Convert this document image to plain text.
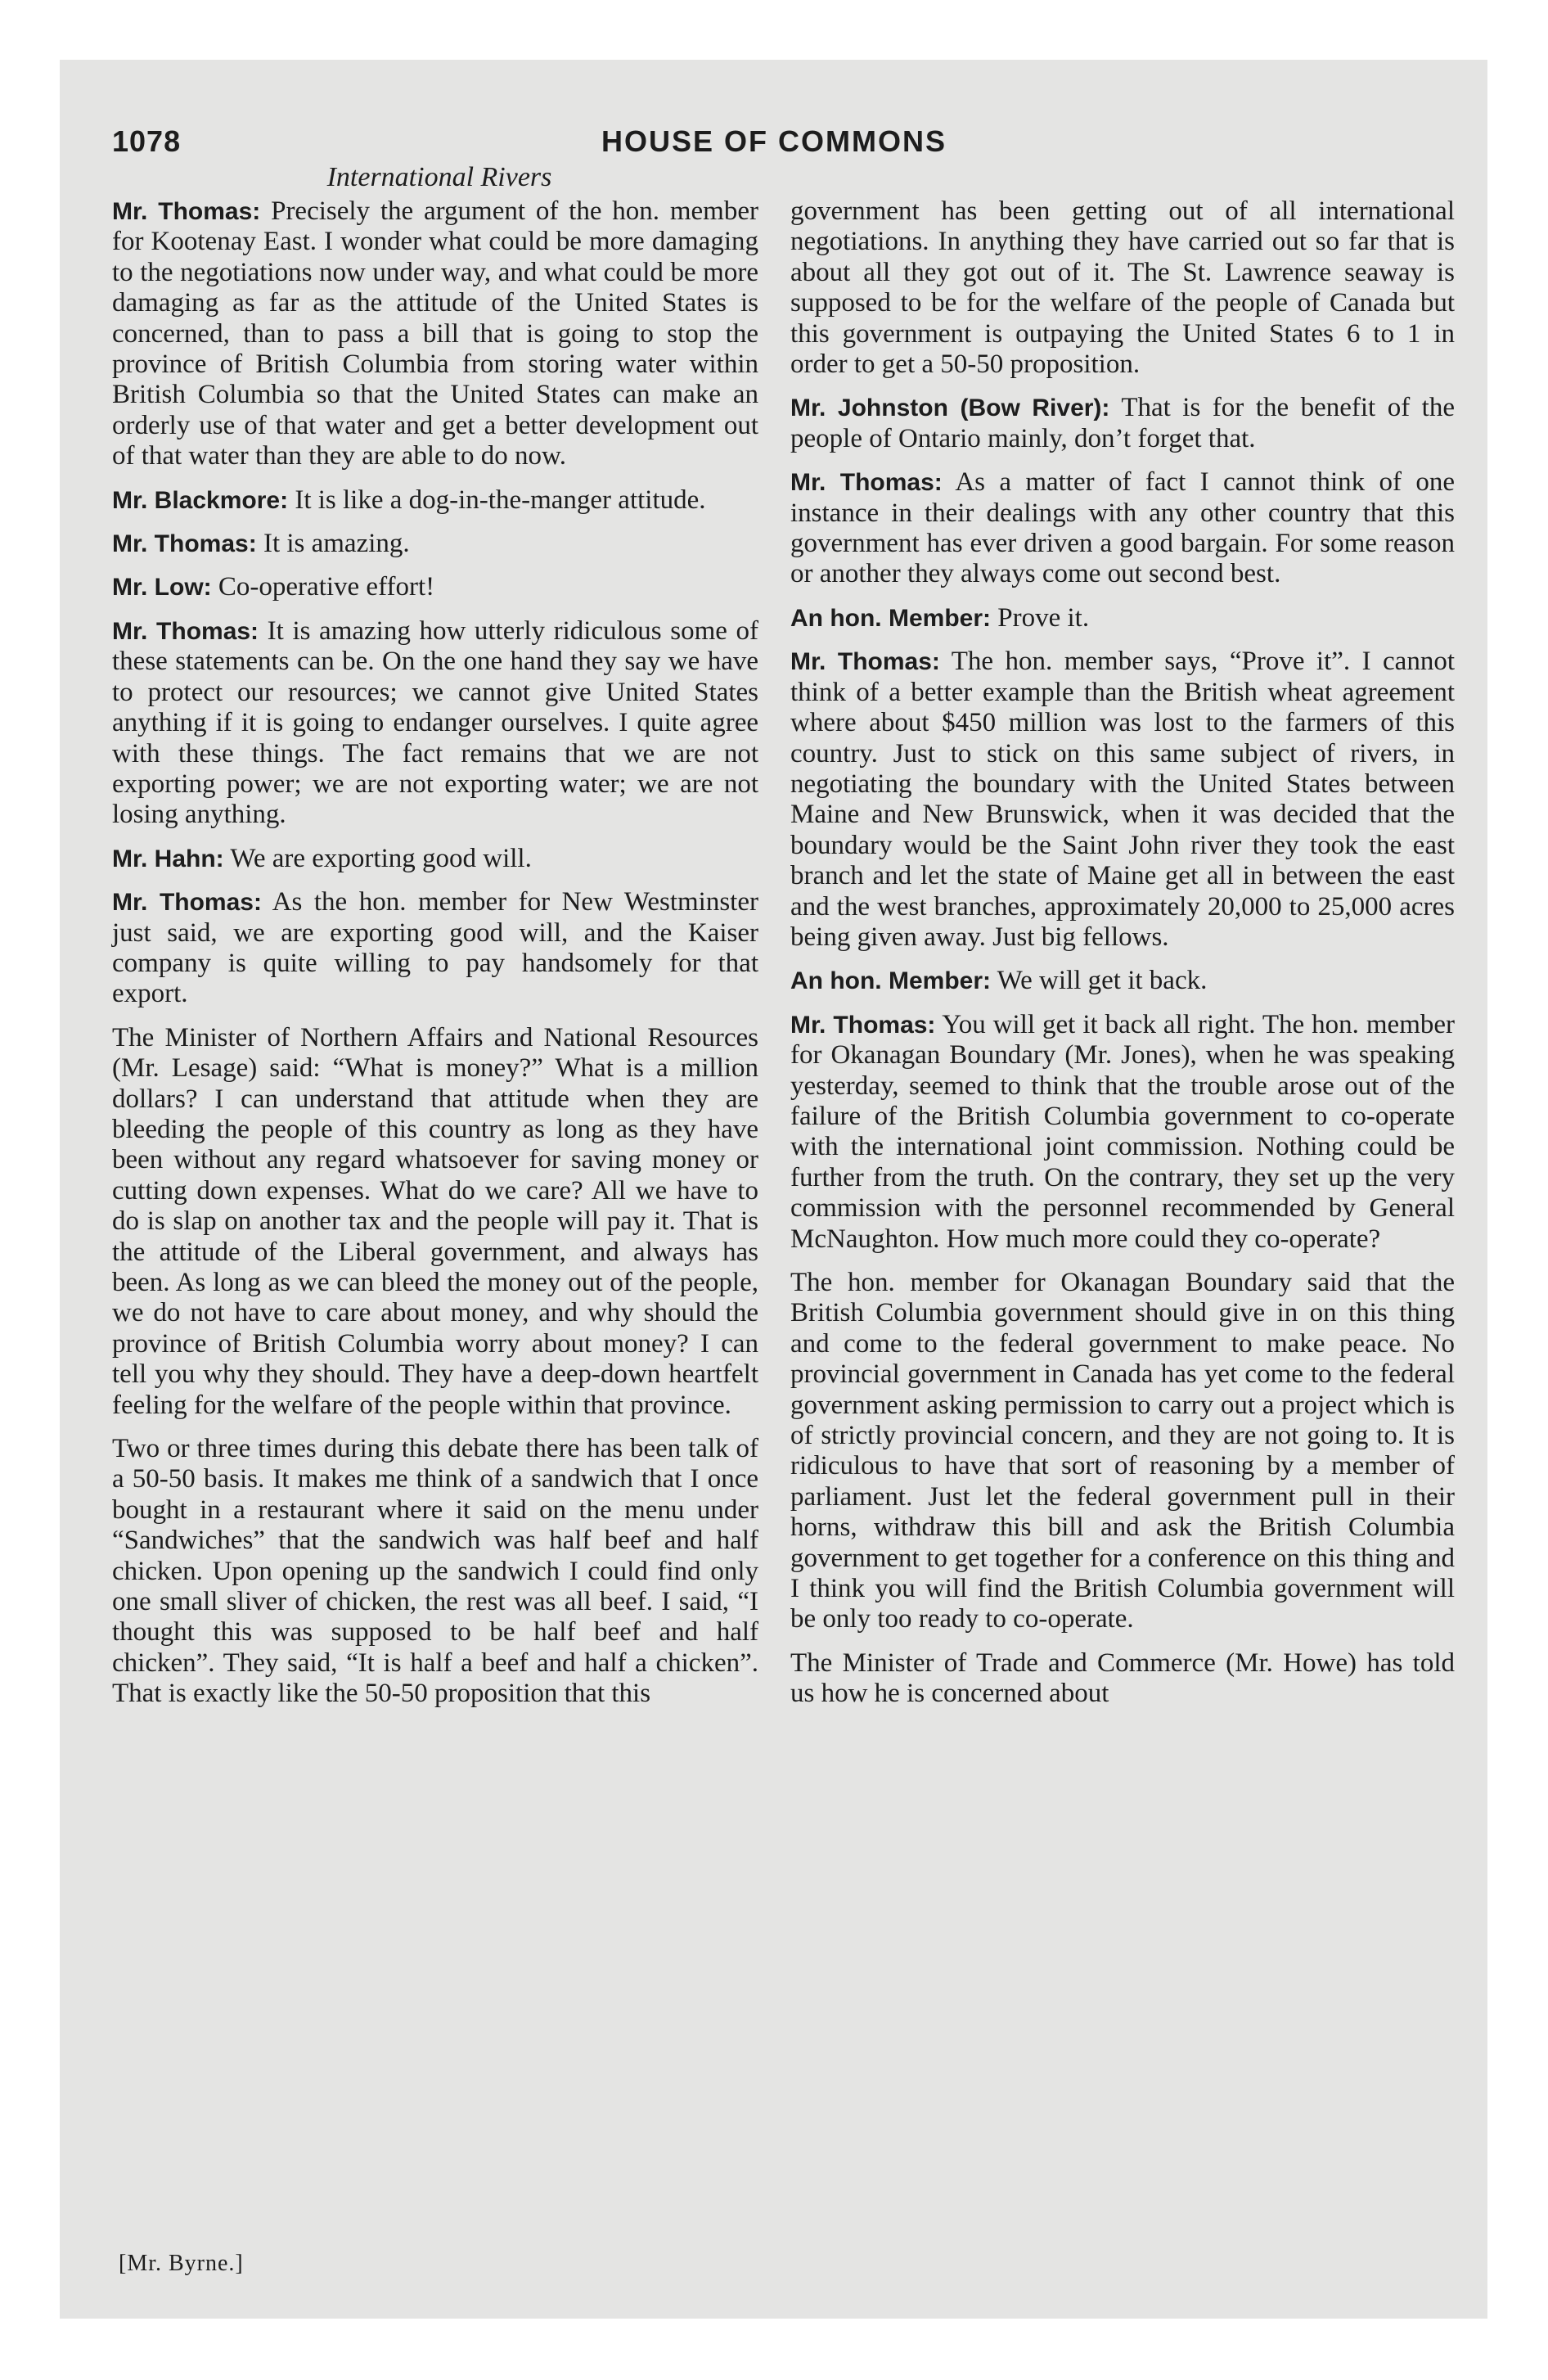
1078	HOUSE OF COMMONS
International Rivers

Mr. Thomas: Precisely the argument of the hon. member for Kootenay East. I wonder what could be more damaging to the negotiations now under way, and what could be more damaging as far as the attitude of the United States is concerned, than to pass a bill that is going to stop the province of British Columbia from storing water within British Columbia so that the United States can make an orderly use of that water and get a better development out of that water than they are able to do now.

Mr. Blackmore: It is like a dog-in-the-manger attitude.

Mr. Thomas: It is amazing.

Mr. Low: Co-operative effort!

Mr. Thomas: It is amazing how utterly ridiculous some of these statements can be. On the one hand they say we have to protect our resources; we cannot give United States anything if it is going to endanger ourselves. I quite agree with these things. The fact remains that we are not exporting power; we are not exporting water; we are not losing anything.

Mr. Hahn: We are exporting good will.

Mr. Thomas: As the hon. member for New Westminster just said, we are exporting good will, and the Kaiser company is quite willing to pay handsomely for that export.

The Minister of Northern Affairs and National Resources (Mr. Lesage) said: “What is money?” What is a million dollars? I can understand that attitude when they are bleeding the people of this country as long as they have been without any regard whatsoever for saving money or cutting down expenses. What do we care? All we have to do is slap on another tax and the people will pay it. That is the attitude of the Liberal government, and always has been. As long as we can bleed the money out of the people, we do not have to care about money, and why should the province of British Columbia worry about money? I can tell you why they should. They have a deep-down heartfelt feeling for the welfare of the people within that province.

Two or three times during this debate there has been talk of a 50-50 basis. It makes me think of a sandwich that I once bought in a restaurant where it said on the menu under “Sandwiches” that the sandwich was half beef and half chicken. Upon opening up the sandwich I could find only one small sliver of chicken, the rest was all beef. I said, “I thought this was supposed to be half beef and half chicken”. They said, “It is half a beef and half a chicken”. That is exactly like the 50-50 proposition that this

government has been getting out of all international negotiations. In anything they have carried out so far that is about all they got out of it. The St. Lawrence seaway is supposed to be for the welfare of the people of Canada but this government is outpaying the United States 6 to 1 in order to get a 50-50 proposition.

Mr. Johnston (Bow River): That is for the benefit of the people of Ontario mainly, don’t forget that.

Mr. Thomas: As a matter of fact I cannot think of one instance in their dealings with any other country that this government has ever driven a good bargain. For some reason or another they always come out second best.

An hon. Member: Prove it.

Mr. Thomas: The hon. member says, “Prove it”. I cannot think of a better example than the British wheat agreement where about $450 million was lost to the farmers of this country. Just to stick on this same subject of rivers, in negotiating the boundary with the United States between Maine and New Brunswick, when it was decided that the boundary would be the Saint John river they took the east branch and let the state of Maine get all in between the east and the west branches, approximately 20,000 to 25,000 acres being given away. Just big fellows.

An hon. Member: We will get it back.

Mr. Thomas: You will get it back all right. The hon. member for Okanagan Boundary (Mr. Jones), when he was speaking yesterday, seemed to think that the trouble arose out of the failure of the British Columbia government to co-operate with the international joint commission. Nothing could be further from the truth. On the contrary, they set up the very commission with the personnel recommended by General McNaughton. How much more could they co-operate?

The hon. member for Okanagan Boundary said that the British Columbia government should give in on this thing and come to the federal government to make peace. No provincial government in Canada has yet come to the federal government asking permission to carry out a project which is of strictly provincial concern, and they are not going to. It is ridiculous to have that sort of reasoning by a member of parliament. Just let the federal government pull in their horns, withdraw this bill and ask the British Columbia government to get together for a conference on this thing and I think you will find the British Columbia government will be only too ready to co-operate.

The Minister of Trade and Commerce (Mr. Howe) has told us how he is concerned about

[Mr. Byrne.]
